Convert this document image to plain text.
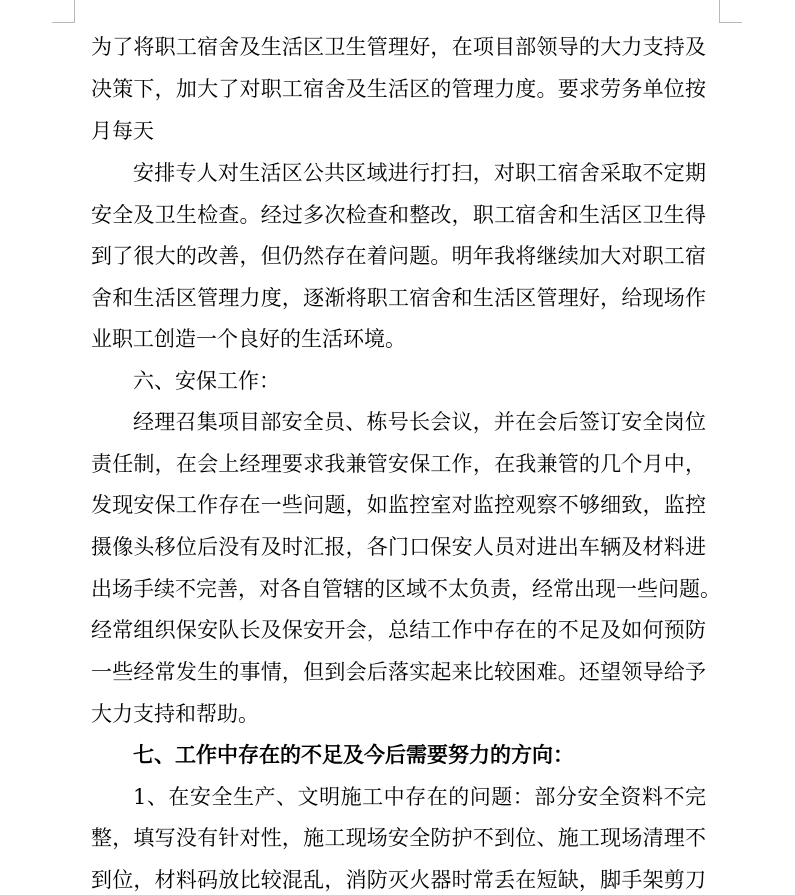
为了将职工宿舍及生活区卫生管理好，在项目部领导的大力支持及
决策下，加大了对职工宿舍及生活区的管理力度。要求劳务单位按
月每天
安排专人对生活区公共区域进行打扫，对职工宿舍采取不定期
安全及卫生检查。经过多次检查和整改，职工宿舍和生活区卫生得
到了很大的改善，但仍然存在着问题。明年我将继续加大对职工宿
舍和生活区管理力度，逐渐将职工宿舍和生活区管理好，给现场作
业职工创造一个良好的生活环境。
六、安保工作：
经理召集项目部安全员、栋号长会议，并在会后签订安全岗位
责任制，在会上经理要求我兼管安保工作，在我兼管的几个月中，
发现安保工作存在一些问题，如监控室对监控观察不够细致，监控
摄像头移位后没有及时汇报，各门口保安人员对进出车辆及材料进
出场手续不完善，对各自管辖的区域不太负责，经常出现一些问题。
经常组织保安队长及保安开会，总结工作中存在的不足及如何预防
一些经常发生的事情，但到会后落实起来比较困难。还望领导给予
大力支持和帮助。
七、工作中存在的不足及今后需要努力的方向：
1、在安全生产、文明施工中存在的问题：部分安全资料不完
整，填写没有针对性，施工现场安全防护不到位、施工现场清理不
到位，材料码放比较混乱，消防灭火器时常丢在短缺，脚手架剪刀
